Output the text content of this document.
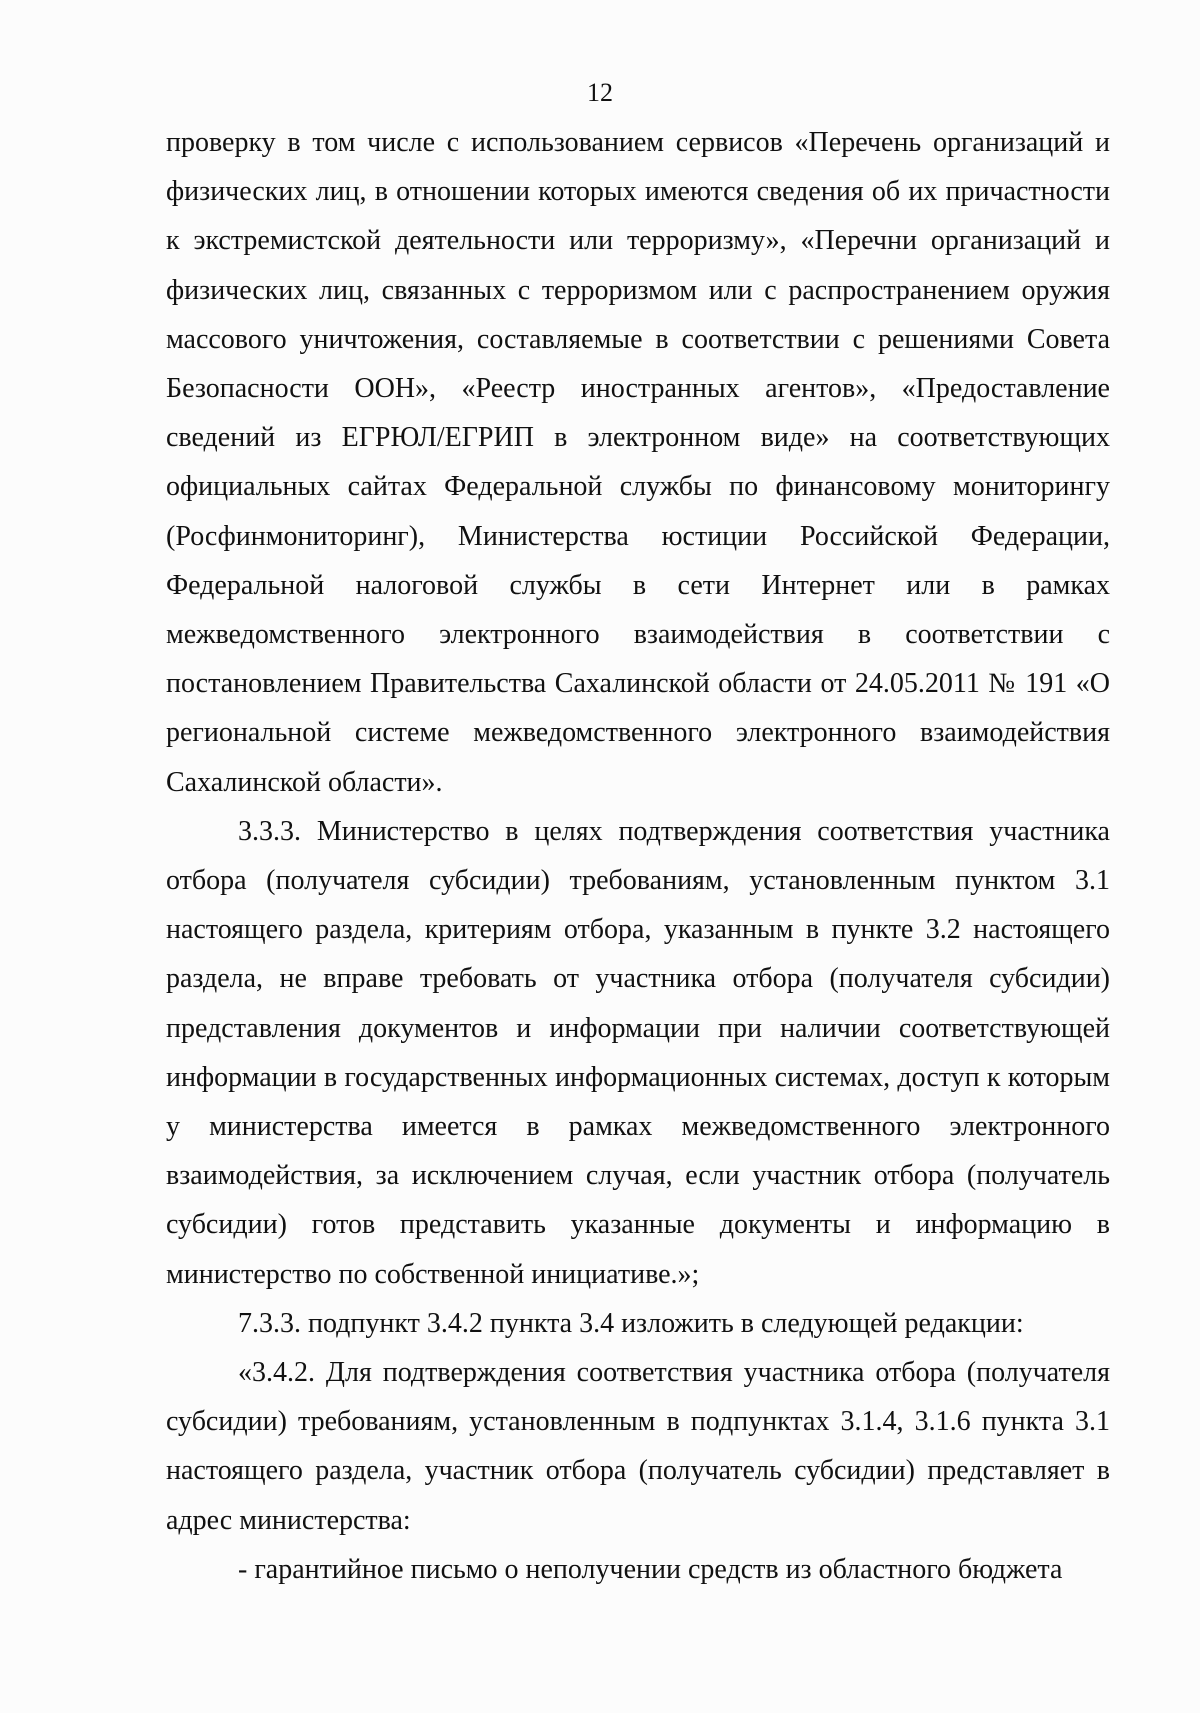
12

проверку в том числе с использованием сервисов «Перечень организаций и физических лиц, в отношении которых имеются сведения об их причастности к экстремистской деятельности или терроризму», «Перечни организаций и физических лиц, связанных с терроризмом или с распространением оружия массового уничтожения, составляемые в соответствии с решениями Совета Безопасности ООН», «Реестр иностранных агентов», «Предоставление сведений из ЕГРЮЛ/ЕГРИП в электронном виде» на соответствующих официальных сайтах Федеральной службы по финансовому мониторингу (Росфинмониторинг), Министерства юстиции Российской Федерации, Федеральной налоговой службы в сети Интернет или в рамках межведомственного электронного взаимодействия в соответствии с постановлением Правительства Сахалинской области от 24.05.2011 № 191 «О региональной системе межведомственного электронного взаимодействия Сахалинской области».

3.3.3. Министерство в целях подтверждения соответствия участника отбора (получателя субсидии) требованиям, установленным пунктом 3.1 настоящего раздела, критериям отбора, указанным в пункте 3.2 настоящего раздела, не вправе требовать от участника отбора (получателя субсидии) представления документов и информации при наличии соответствующей информации в государственных информационных системах, доступ к которым у министерства имеется в рамках межведомственного электронного взаимодействия, за исключением случая, если участник отбора (получатель субсидии) готов представить указанные документы и информацию в министерство по собственной инициативе.»;

7.3.3. подпункт 3.4.2 пункта 3.4 изложить в следующей редакции:

«3.4.2. Для подтверждения соответствия участника отбора (получателя субсидии) требованиям, установленным в подпунктах 3.1.4, 3.1.6 пункта 3.1 настоящего раздела, участник отбора (получатель субсидии) представляет в адрес министерства:

- гарантийное письмо о неполучении средств из областного бюджета
